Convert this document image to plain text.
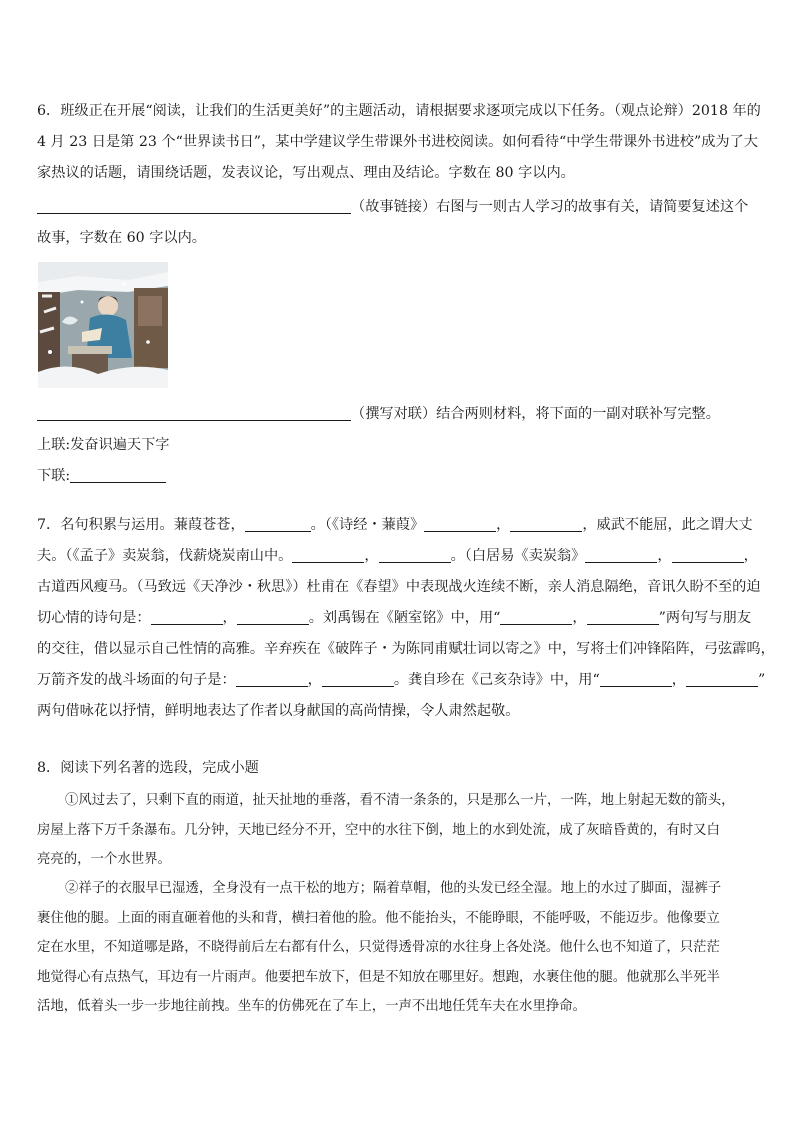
6．班级正在开展“阅读，让我们的生活更美好”的主题活动，请根据要求逐项完成以下任务。（观点论辩）2018 年的
4 月 23 日是第 23 个“世界读书日”，某中学建议学生带课外书进校阅读。如何看待“中学生带课外书进校”成为了大
家热议的话题，请围绕话题，发表议论，写出观点、理由及结论。字数在 80 字以内。
（故事链接）右图与一则古人学习的故事有关，请简要复述这个
故事，字数在 60 字以内。
（撰写对联）结合两则材料，将下面的一副对联补写完整。
上联:发奋识遍天下字
下联:
7．名句积累与运用。蒹葭苍苍，	。（《诗经・蒹葭》	，	，威武不能屈，此之谓大丈
夫。（《孟子》卖炭翁，伐薪烧炭南山中。	，	。（白居易《卖炭翁》	，	，
古道西风瘦马。（马致远《天净沙・秋思》）杜甫在《春望》中表现战火连续不断，亲人消息隔绝，音讯久盼不至的迫
切心情的诗句是：	，	。刘禹锡在《陋室铭》中，用“	，	”两句写与朋友
的交往，借以显示自己性情的高雅。辛弃疾在《破阵子・为陈同甫赋壮词以寄之》中，写将士们冲锋陷阵，弓弦霹呜，
万箭齐发的战斗场面的句子是：	，	。龚自珍在《己亥杂诗》中，用“	，	”
两句借咏花以抒情，鲜明地表达了作者以身献国的高尚情操，令人肃然起敬。
8．阅读下列名著的选段，完成小题
①风过去了，只剩下直的雨道，扯天扯地的垂落，看不清一条条的，只是那么一片，一阵，地上射起无数的箭头，
房屋上落下万千条瀑布。几分钟，天地已经分不开，空中的水往下倒，地上的水到处流，成了灰暗昏黄的，有时又白
亮亮的，一个水世界。
②祥子的衣服早已湿透，全身没有一点干松的地方；隔着草帽，他的头发已经全湿。地上的水过了脚面，湿裤子
裹住他的腿。上面的雨直砸着他的头和背，横扫着他的脸。他不能抬头，不能睁眼，不能呼吸，不能迈步。他像要立
定在水里，不知道哪是路，不晓得前后左右都有什么，只觉得透骨凉的水往身上各处浇。他什么也不知道了，只茫茫
地觉得心有点热气，耳边有一片雨声。他要把车放下，但是不知放在哪里好。想跑，水裹住他的腿。他就那么半死半
活地，低着头一步一步地往前拽。坐车的仿佛死在了车上，一声不出地任凭车夫在水里挣命。
